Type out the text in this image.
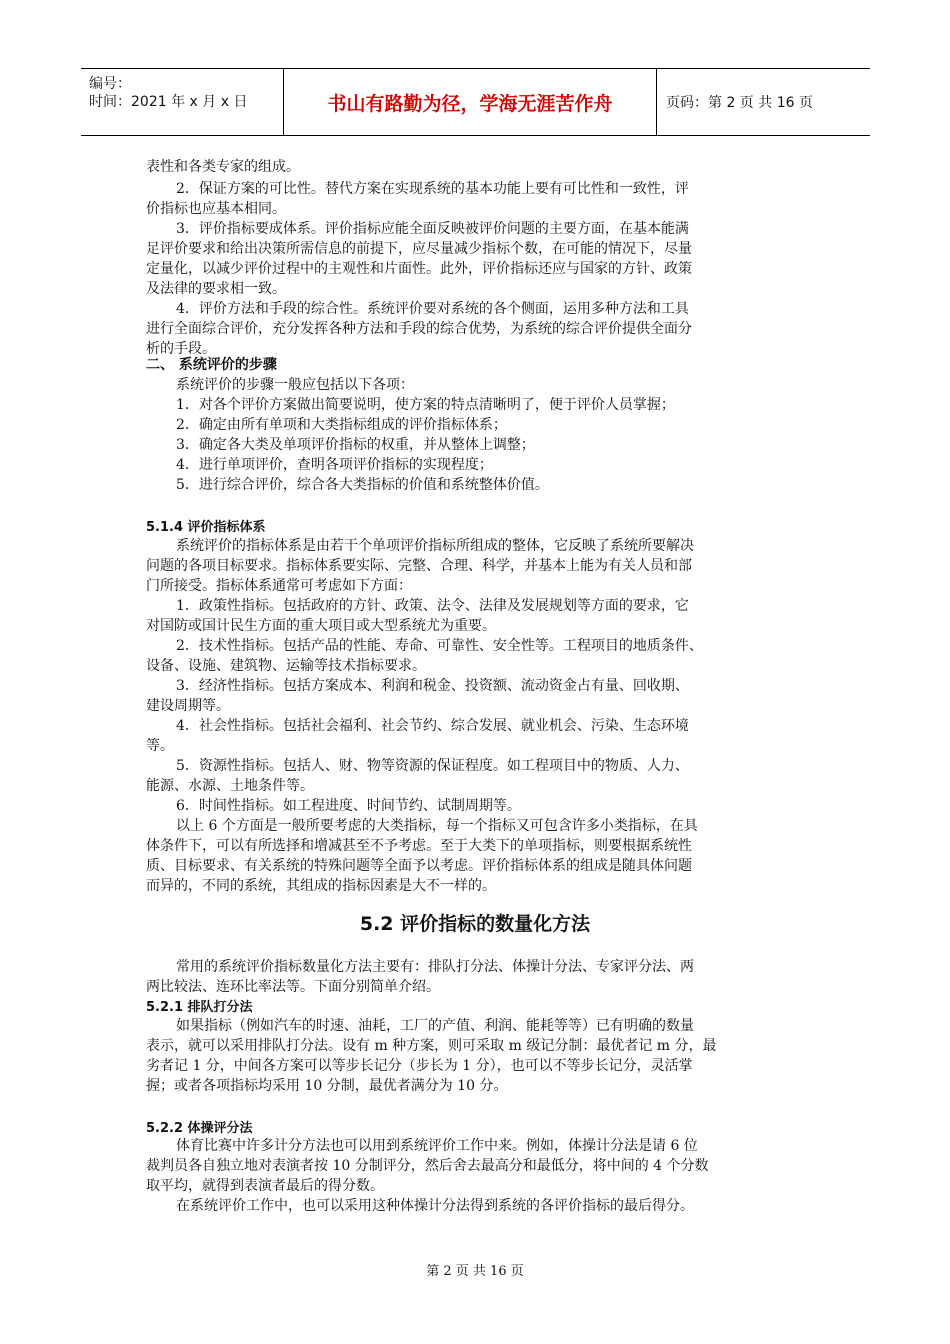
编号：
时间：2021 年 x 月 x 日	书山有路勤为径，学海无涯苦作舟	页码：第 2 页 共 16 页
表性和各类专家的组成。
2．保证方案的可比性。替代方案在实现系统的基本功能上要有可比性和一致性，评
价指标也应基本相同。
3．评价指标要成体系。评价指标应能全面反映被评价问题的主要方面，在基本能满
足评价要求和给出决策所需信息的前提下，应尽量减少指标个数，在可能的情况下，尽量
定量化，以减少评价过程中的主观性和片面性。此外，评价指标还应与国家的方针、政策
及法律的要求相一致。
4．评价方法和手段的综合性。系统评价要对系统的各个侧面，运用多种方法和工具
进行全面综合评价，充分发挥各种方法和手段的综合优势，为系统的综合评价提供全面分
析的手段。
二、 系统评价的步骤
系统评价的步骤一般应包括以下各项：
1．对各个评价方案做出简要说明，使方案的特点清晰明了，便于评价人员掌握；
2．确定由所有单项和大类指标组成的评价指标体系；
3．确定各大类及单项评价指标的权重，并从整体上调整；
4．进行单项评价，查明各项评价指标的实现程度；
5．进行综合评价，综合各大类指标的价值和系统整体价值。
5.1.4 评价指标体系
系统评价的指标体系是由若干个单项评价指标所组成的整体，它反映了系统所要解决
问题的各项目标要求。指标体系要实际、完整、合理、科学，并基本上能为有关人员和部
门所接受。指标体系通常可考虑如下方面：
1．政策性指标。包括政府的方针、政策、法令、法律及发展规划等方面的要求，它
对国防或国计民生方面的重大项目或大型系统尤为重要。
2．技术性指标。包括产品的性能、寿命、可靠性、安全性等。工程项目的地质条件、
设备、设施、建筑物、运输等技术指标要求。
3．经济性指标。包括方案成本、利润和税金、投资额、流动资金占有量、回收期、
建设周期等。
4．社会性指标。包括社会福利、社会节约、综合发展、就业机会、污染、生态环境
等。
5．资源性指标。包括人、财、物等资源的保证程度。如工程项目中的物质、人力、
能源、水源、土地条件等。
6．时间性指标。如工程进度、时间节约、试制周期等。
以上 6 个方面是一般所要考虑的大类指标，每一个指标又可包含许多小类指标，在具
体条件下，可以有所选择和增减甚至不予考虑。至于大类下的单项指标，则要根据系统性
质、目标要求、有关系统的特殊问题等全面予以考虑。评价指标体系的组成是随具体问题
而异的，不同的系统，其组成的指标因素是大不一样的。
5.2 评价指标的数量化方法
常用的系统评价指标数量化方法主要有：排队打分法、体操计分法、专家评分法、两
两比较法、连环比率法等。下面分别简单介绍。
5.2.1 排队打分法
如果指标（例如汽车的时速、油耗，工厂的产值、利润、能耗等等）已有明确的数量
表示，就可以采用排队打分法。设有 m 种方案，则可采取 m 级记分制：最优者记 m 分，最
劣者记 1 分，中间各方案可以等步长记分（步长为 1 分），也可以不等步长记分，灵活掌
握；或者各项指标均采用 10 分制，最优者满分为 10 分。
5.2.2 体操评分法
体育比赛中许多计分方法也可以用到系统评价工作中来。例如，体操计分法是请 6 位
裁判员各自独立地对表演者按 10 分制评分，然后舍去最高分和最低分，将中间的 4 个分数
取平均，就得到表演者最后的得分数。
在系统评价工作中，也可以采用这种体操计分法得到系统的各评价指标的最后得分。
第 2 页 共 16 页
